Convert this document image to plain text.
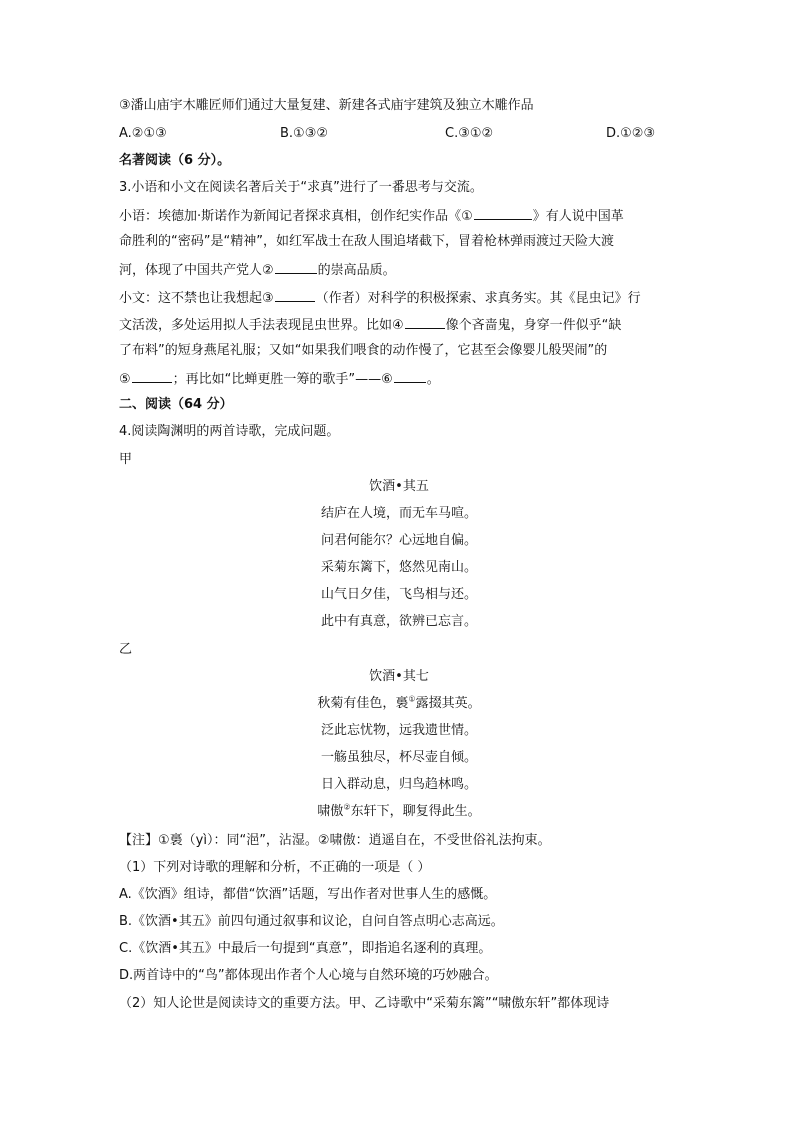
③潘山庙宇木雕匠师们通过大量复建、新建各式庙宇建筑及独立木雕作品
A.②①③	B.①③②	C.③①②	D.①②③
名著阅读（6 分）。
3.小语和小文在阅读名著后关于“求真”进行了一番思考与交流。
小语：埃德加·斯诺作为新闻记者探求真相，创作纪实作品《①	》有人说中国革
命胜利的“密码”是“精神”，如红军战士在敌人围追堵截下，冒着枪林弹雨渡过天险大渡
河，体现了中国共产党人②	的崇高品质。
小文：这不禁也让我想起③	（作者）对科学的积极探索、求真务实。其《昆虫记》行
文活泼，多处运用拟人手法表现昆虫世界。比如④	像个吝啬鬼，身穿一件似乎“缺
了布料”的短身燕尾礼服；又如“如果我们喂食的动作慢了，它甚至会像婴儿般哭闹”的
⑤	；再比如“比蝉更胜一筹的歌手”——⑥	。
二、阅读（64 分）
4.阅读陶渊明的两首诗歌，完成问题。
甲
饮酒•其五
结庐在人境，而无车马喧。
问君何能尔？心远地自偏。
采菊东篱下，悠然见南山。
山气日夕佳，飞鸟相与还。
此中有真意，欲辨已忘言。
乙
饮酒•其七
秋菊有佳色，裛①露掇其英。
泛此忘忧物，远我遗世情。
一觞虽独尽，杯尽壶自倾。
日入群动息，归鸟趋林鸣。
啸傲②东轩下，聊复得此生。
【注】①裛（yì）：同“浥”，沾湿。②啸傲：逍遥自在，不受世俗礼法拘束。
（1）下列对诗歌的理解和分析，不正确的一项是（ ）
A.《饮酒》组诗，都借“饮酒”话题，写出作者对世事人生的感慨。
B.《饮酒•其五》前四句通过叙事和议论，自问自答点明心志高远。
C.《饮酒•其五》中最后一句提到“真意”，即指追名逐利的真理。
D.两首诗中的“鸟”都体现出作者个人心境与自然环境的巧妙融合。
（2）知人论世是阅读诗文的重要方法。甲、乙诗歌中“采菊东篱”“啸傲东轩”都体现诗
